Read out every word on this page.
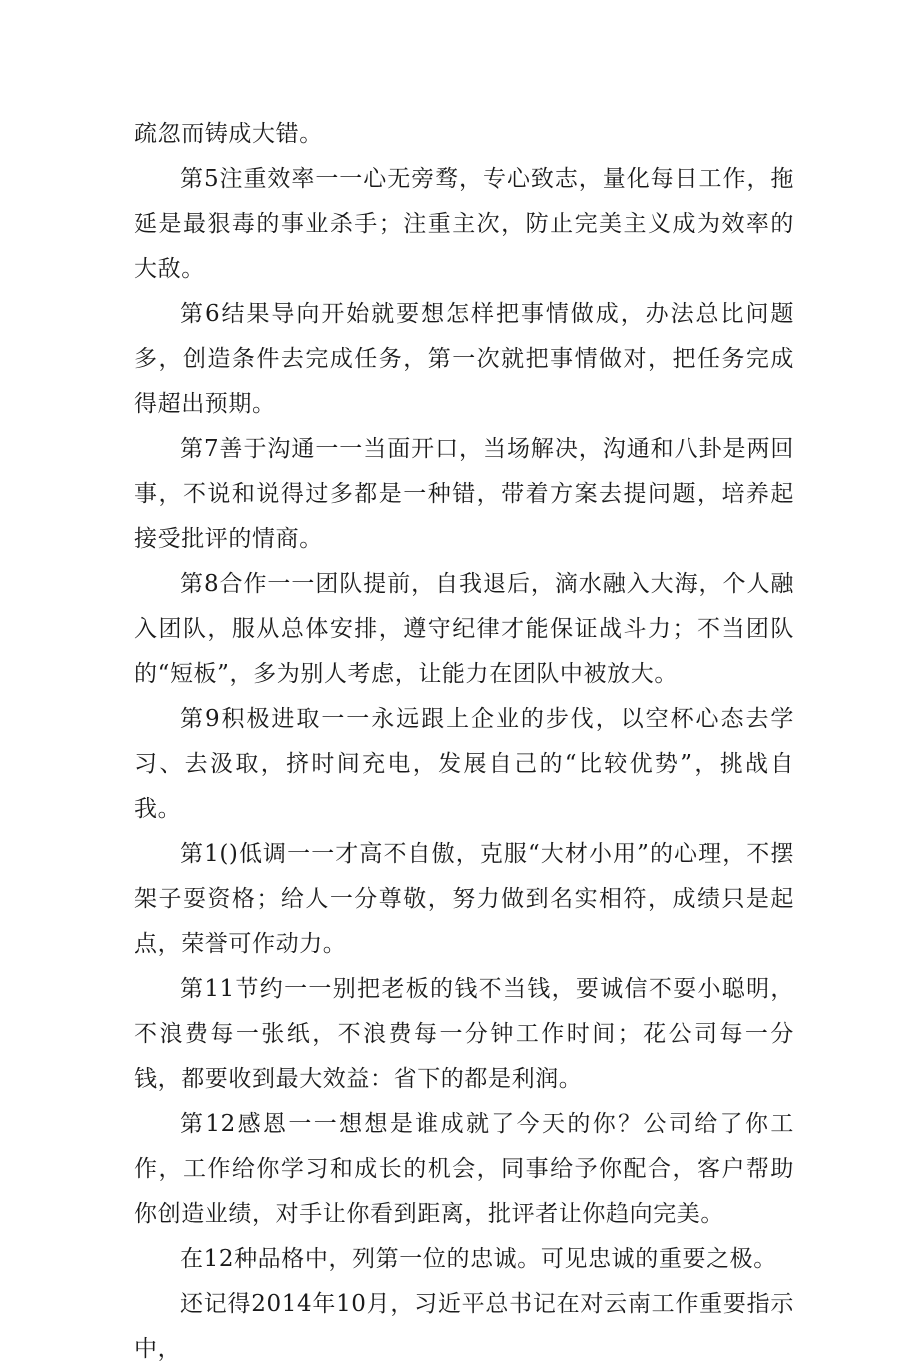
疏忽而铸成大错。

第5注重效率一一心无旁骛，专心致志，量化每日工作，拖延是最狠毒的事业杀手；注重主次，防止完美主义成为效率的大敌。

第6结果导向开始就要想怎样把事情做成，办法总比问题多，创造条件去完成任务，第一次就把事情做对，把任务完成得超出预期。

第7善于沟通一一当面开口，当场解决，沟通和八卦是两回事，不说和说得过多都是一种错，带着方案去提问题，培养起接受批评的情商。

第8合作一一团队提前，自我退后，滴水融入大海，个人融入团队，服从总体安排，遵守纪律才能保证战斗力；不当团队的“短板”，多为别人考虑，让能力在团队中被放大。

第9积极进取一一永远跟上企业的步伐，以空杯心态去学习、去汲取，挤时间充电，发展自己的“比较优势”，挑战自我。

第1()低调一一才高不自傲，克服“大材小用”的心理，不摆架子耍资格；给人一分尊敬，努力做到名实相符，成绩只是起点，荣誉可作动力。

第11节约一一别把老板的钱不当钱，要诚信不耍小聪明，不浪费每一张纸，不浪费每一分钟工作时间；花公司每一分钱，都要收到最大效益：省下的都是利润。

第12感恩一一想想是谁成就了今天的你？公司给了你工作，工作给你学习和成长的机会，同事给予你配合，客户帮助你创造业绩，对手让你看到距离，批评者让你趋向完美。

在12种品格中，列第一位的忠诚。可见忠诚的重要之极。

还记得2014年10月，习近平总书记在对云南工作重要指示中，
